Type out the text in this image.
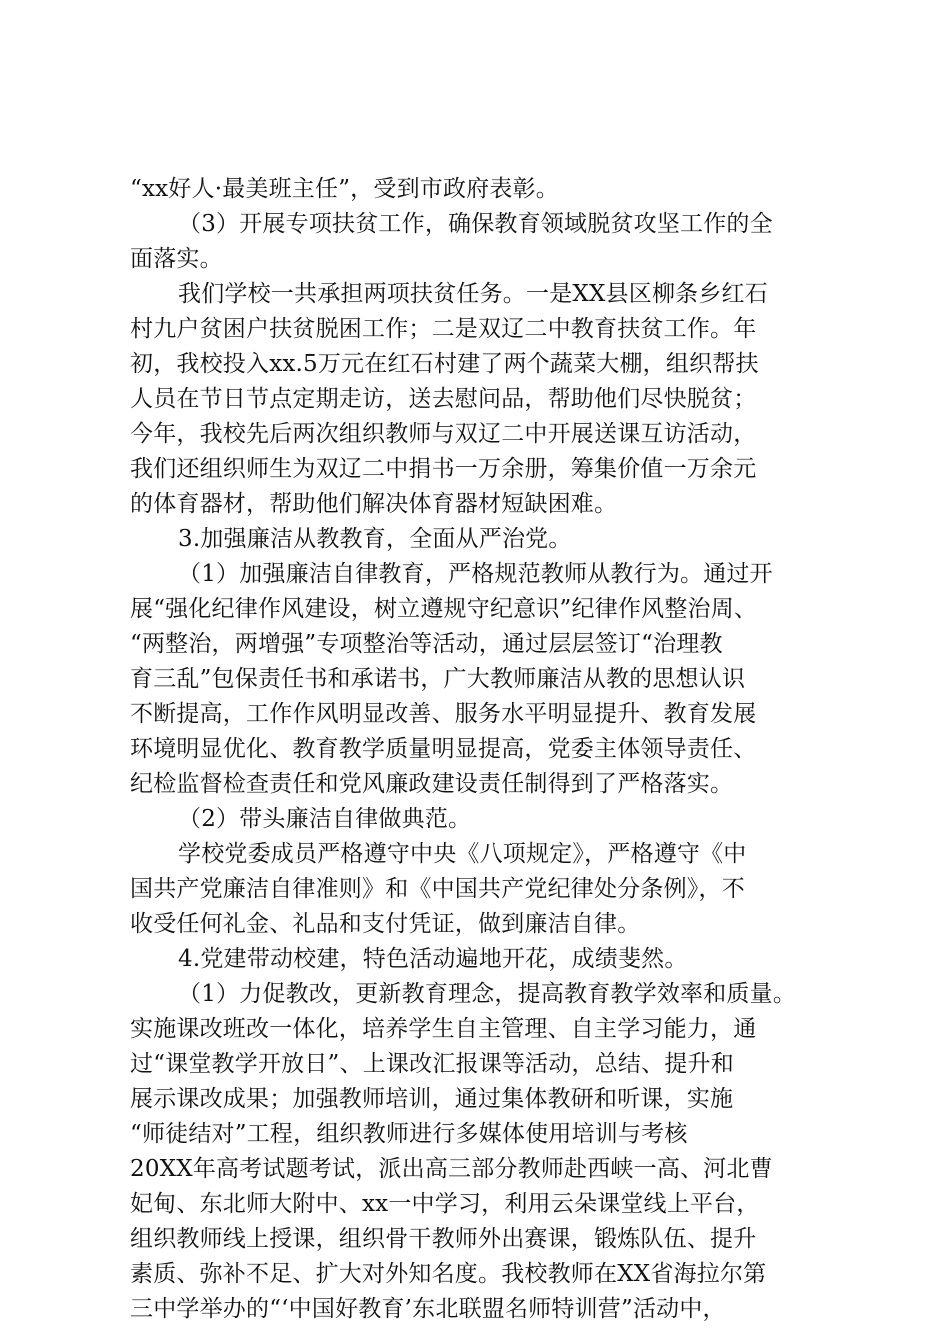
“xx好人·最美班主任”，受到市政府表彰。
（3）开展专项扶贫工作，确保教育领域脱贫攻坚工作的全
面落实。
我们学校一共承担两项扶贫任务。一是XX县区柳条乡红石
村九户贫困户扶贫脱困工作；二是双辽二中教育扶贫工作。年
初，我校投入xx.5万元在红石村建了两个蔬菜大棚，组织帮扶
人员在节日节点定期走访，送去慰问品，帮助他们尽快脱贫；
今年，我校先后两次组织教师与双辽二中开展送课互访活动，
我们还组织师生为双辽二中捐书一万余册，筹集价值一万余元
的体育器材，帮助他们解决体育器材短缺困难。
3.加强廉洁从教教育，全面从严治党。
（1）加强廉洁自律教育，严格规范教师从教行为。通过开
展“强化纪律作风建设，树立遵规守纪意识”纪律作风整治周、
“两整治，两增强”专项整治等活动，通过层层签订“治理教
育三乱”包保责任书和承诺书，广大教师廉洁从教的思想认识
不断提高，工作作风明显改善、服务水平明显提升、教育发展
环境明显优化、教育教学质量明显提高，党委主体领导责任、
纪检监督检查责任和党风廉政建设责任制得到了严格落实。
（2）带头廉洁自律做典范。
学校党委成员严格遵守中央《八项规定》，严格遵守《中
国共产党廉洁自律准则》和《中国共产党纪律处分条例》，不
收受任何礼金、礼品和支付凭证，做到廉洁自律。
4.党建带动校建，特色活动遍地开花，成绩斐然。
（1）力促教改，更新教育理念，提高教育教学效率和质量。
实施课改班改一体化，培养学生自主管理、自主学习能力，通
过“课堂教学开放日”、上课改汇报课等活动，总结、提升和
展示课改成果；加强教师培训，通过集体教研和听课，实施
“师徒结对”工程，组织教师进行多媒体使用培训与考核
20XX年高考试题考试，派出高三部分教师赴西峡一高、河北曹
妃甸、东北师大附中、xx一中学习，利用云朵课堂线上平台，
组织教师线上授课，组织骨干教师外出赛课，锻炼队伍、提升
素质、弥补不足、扩大对外知名度。我校教师在XX省海拉尔第
三中学举办的“‘中国好教育’东北联盟名师特训营”活动中，
